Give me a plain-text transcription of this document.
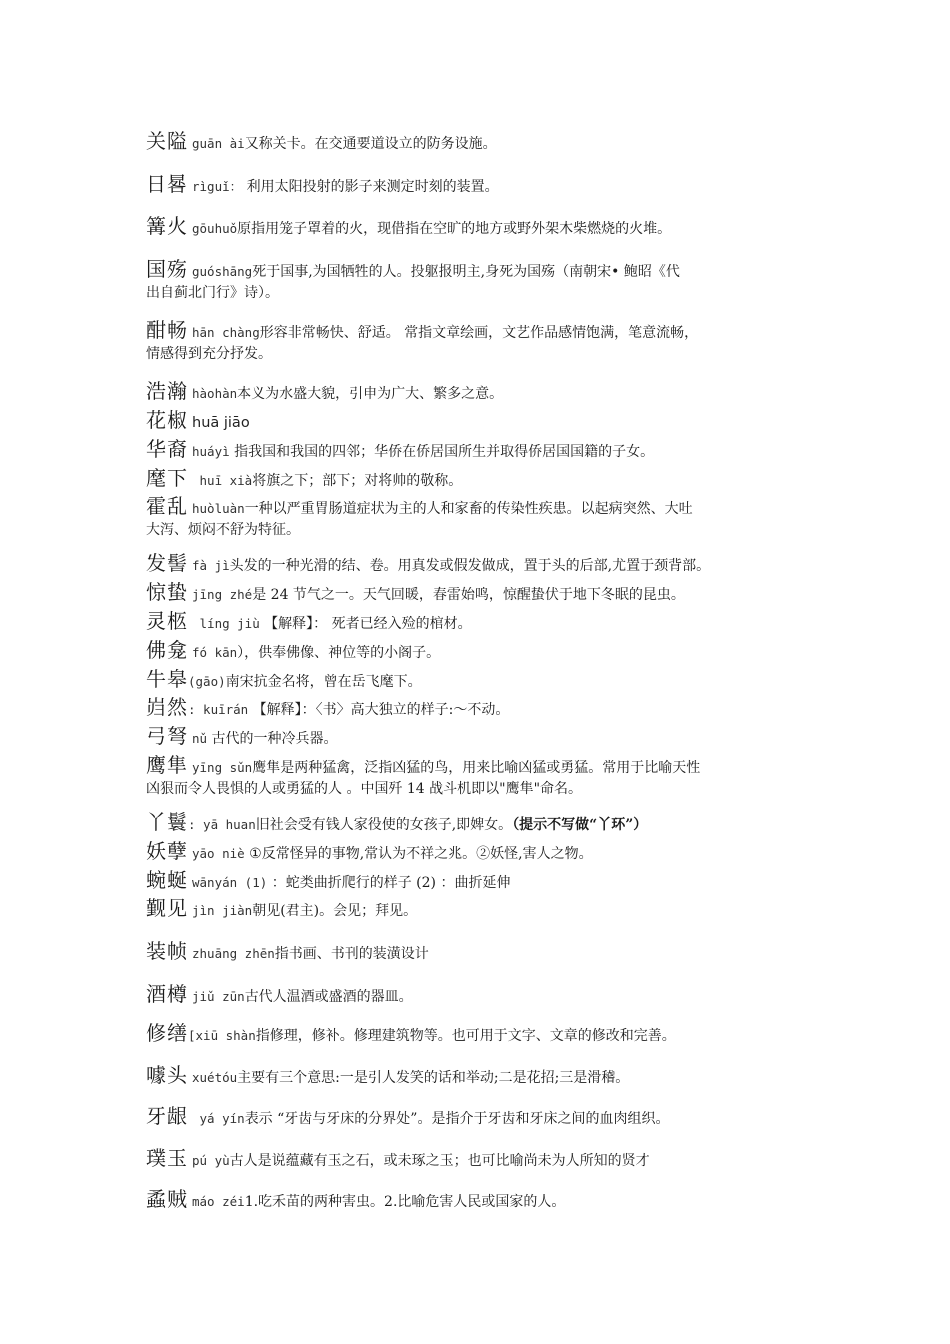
关隘 guān ài又称关卡。在交通要道设立的防务设施。
日晷 rìguǐ： 利用太阳投射的影子来测定时刻的装置。
篝火 gōuhuǒ原指用笼子罩着的火，现借指在空旷的地方或野外架木柴燃烧的火堆。
国殇 guóshāng死于国事,为国牺牲的人。投躯报明主,身死为国殇（南朝宋• 鲍昭《代
出自蓟北门行》诗）。
酣畅 hān chàng形容非常畅快、舒适。 常指文章绘画，文艺作品感情饱满，笔意流畅，
情感得到充分抒发。
浩瀚 hàohàn本义为水盛大貌，引申为广大、繁多之意。
花椒 huā jiāo
华裔 huáyì 指我国和我国的四邻；华侨在侨居国所生并取得侨居国国籍的子女。
麾下 huī xià将旗之下；部下；对将帅的敬称。
霍乱 huòluàn一种以严重胃肠道症状为主的人和家畜的传染性疾患。以起病突然、大吐
大泻、烦闷不舒为特征。
发髻 fà jì头发的一种光滑的结、卷。用真发或假发做成，置于头的后部,尤置于颈背部。
惊蛰 jīng zhé是 24 节气之一。天气回暖，春雷始鸣，惊醒蛰伏于地下冬眠的昆虫。
灵柩 líng jiù 【解释】： 死者已经入殓的棺材。
佛龛 fó kān），供奉佛像、神位等的小阁子。
牛皋(gāo)南宋抗金名将，曾在岳飞麾下。
岿然: kuīrán 【解释】：〈书〉高大独立的样子:～不动。
弓弩 nǔ 古代的一种冷兵器。
鹰隼 yīng sǔn鹰隼是两种猛禽，泛指凶猛的鸟，用来比喻凶猛或勇猛。常用于比喻天性
凶狠而令人畏惧的人或勇猛的人 。中国歼 14 战斗机即以"鹰隼"命名。
丫鬟: yā huan旧社会受有钱人家役使的女孩子,即婢女。（提示不写做“丫环”）
妖孽 yāo niè ①反常怪异的事物,常认为不祥之兆。②妖怪,害人之物。
蜿蜒 wānyán (1) ：蛇类曲折爬行的样子 (2) ：曲折延伸
觐见 jìn jiàn朝见(君主)。会见；拜见。
装帧 zhuāng zhēn指书画、书刊的装潢设计
酒樽 jiǔ zūn古代人温酒或盛酒的器皿。
修缮[xiū shàn指修理，修补。修理建筑物等。也可用于文字、文章的修改和完善。
噱头 xuétóu主要有三个意思:一是引人发笑的话和举动;二是花招;三是滑稽。
牙龈 yá yín表示 “牙齿与牙床的分界处”。是指介于牙齿和牙床之间的血肉组织。
璞玉 pú yù古人是说蕴藏有玉之石，或未琢之玉；也可比喻尚未为人所知的贤才
蟊贼 máo zéi1.吃禾苗的两种害虫。2.比喻危害人民或国家的人。
